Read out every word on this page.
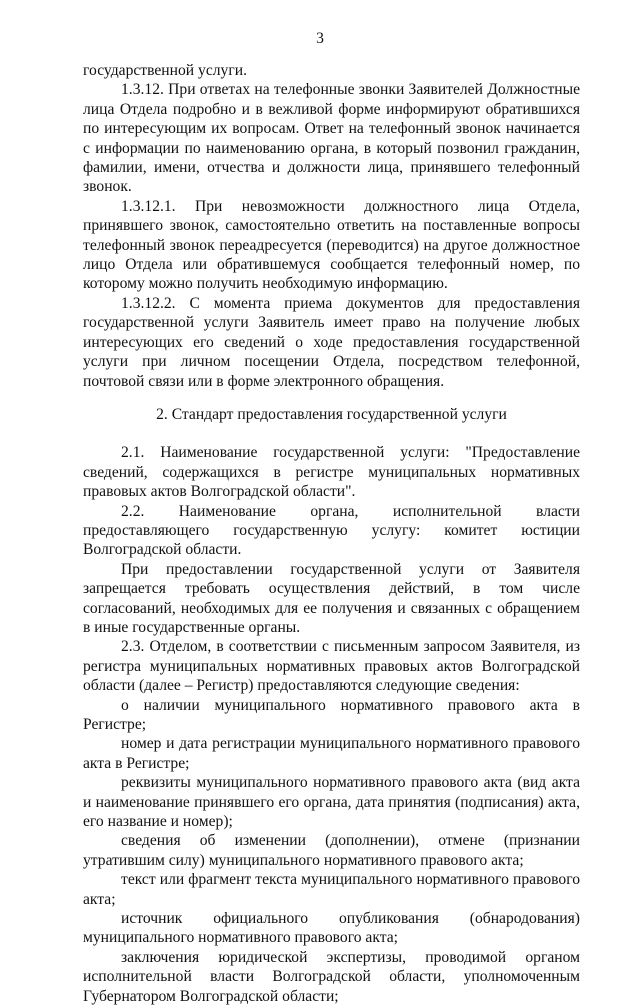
3

государственной услуги.

1.3.12. При ответах на телефонные звонки Заявителей Должностные лица Отдела подробно и в вежливой форме информируют обратившихся по интересующим их вопросам. Ответ на телефонный звонок начинается с информации по наименованию органа, в который позвонил гражданин, фамилии, имени, отчества и должности лица, принявшего телефонный звонок.

1.3.12.1. При невозможности должностного лица Отдела, принявшего звонок, самостоятельно ответить на поставленные вопросы телефонный звонок переадресуется (переводится) на другое должностное лицо Отдела или обратившемуся сообщается телефонный номер, по которому можно получить необходимую информацию.

1.3.12.2. С момента приема документов для предоставления государственной услуги Заявитель имеет право на получение любых интересующих его сведений о ходе предоставления государственной услуги при личном посещении Отдела, посредством телефонной, почтовой связи или в форме электронного обращения.

2. Стандарт предоставления государственной услуги

2.1. Наименование государственной услуги: "Предоставление сведений, содержащихся в регистре муниципальных нормативных правовых актов Волгоградской области".

2.2. Наименование органа, исполнительной власти предоставляющего государственную услугу: комитет юстиции Волгоградской области.

При предоставлении государственной услуги от Заявителя запрещается требовать осуществления действий, в том числе согласований, необходимых для ее получения и связанных с обращением в иные государственные органы.

2.3. Отделом, в соответствии с письменным запросом Заявителя, из регистра муниципальных нормативных правовых актов Волгоградской области (далее – Регистр) предоставляются следующие сведения:

о наличии муниципального нормативного правового акта в Регистре;

номер и дата регистрации муниципального нормативного правового акта в Регистре;

реквизиты муниципального нормативного правового акта (вид акта и наименование принявшего его органа, дата принятия (подписания) акта, его название и номер);

сведения об изменении (дополнении), отмене (признании утратившим силу) муниципального нормативного правового акта;

текст или фрагмент текста муниципального нормативного правового акта;

источник официального опубликования (обнародования) муниципального нормативного правового акта;

заключения юридической экспертизы, проводимой органом исполнительной власти Волгоградской области, уполномоченным Губернатором Волгоградской области;
